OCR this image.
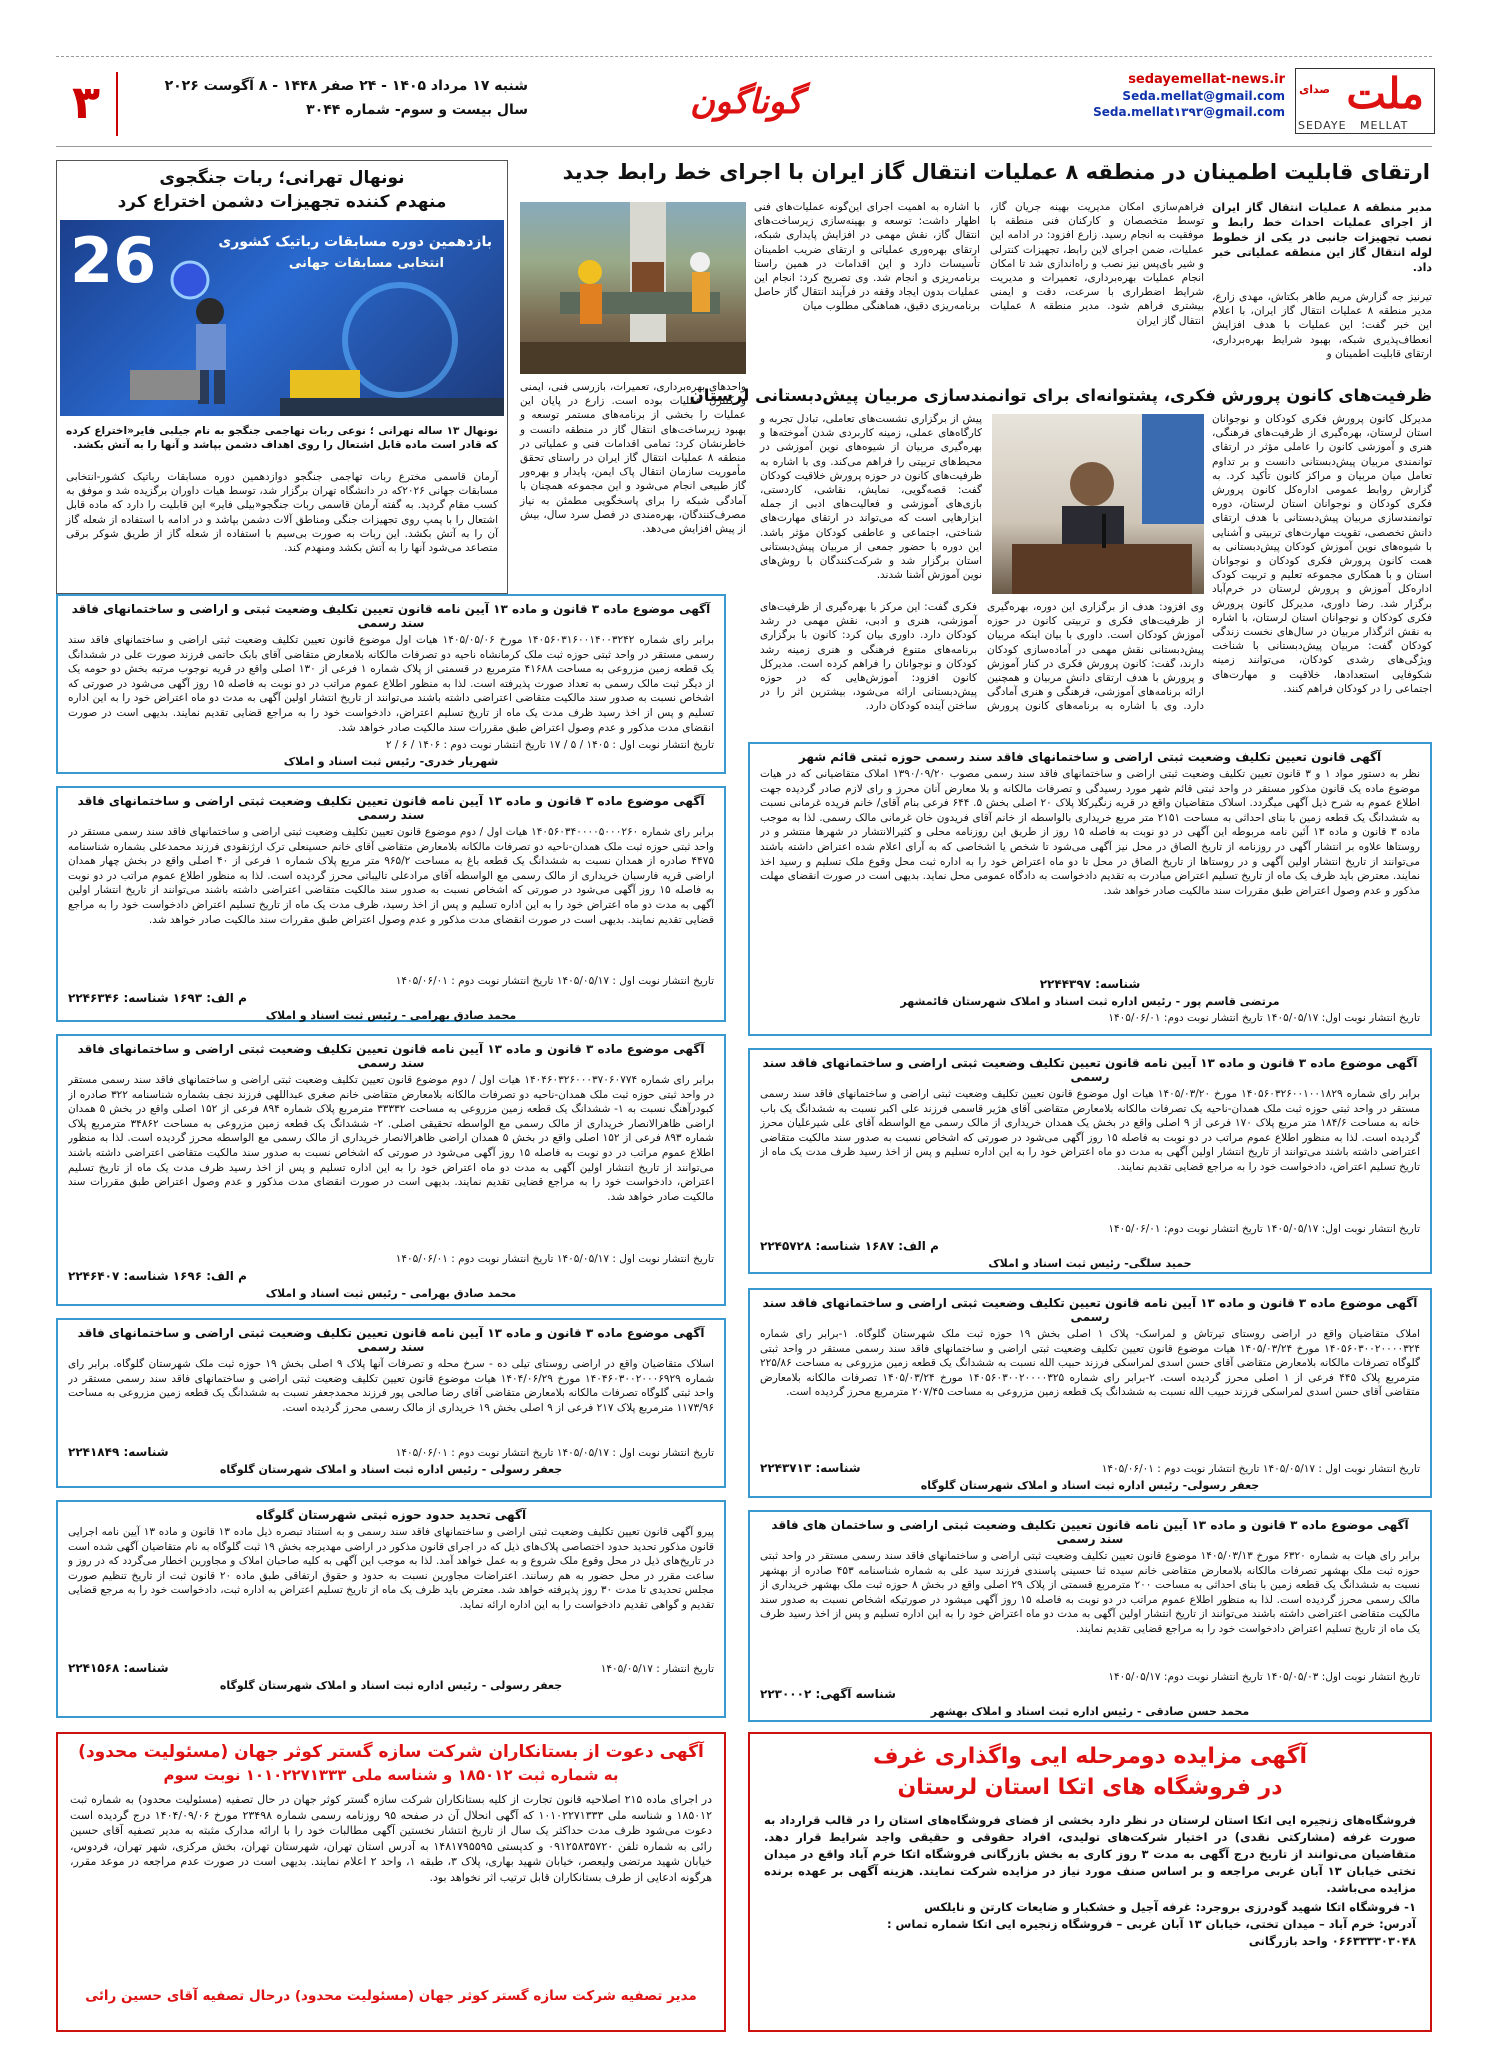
صدای ملت
SEDAYE   MELLAT
sedayemellat-news.ir
Seda.mellat@gmail.com
Seda.mellat۱۳۹۳@gmail.com
گوناگون
شنبه ۱۷ مرداد ۱۴۰۵ - ۲۴ صفر ۱۴۴۸ - ۸ آگوست ۲۰۲۶
سال بیست و سوم- شماره ۳۰۴۴
۳
ارتقای قابلیت اطمینان در منطقه ۸ عملیات انتقال گاز ایران با اجرای خط رابط جدید

مدیر منطقه ۸ عملیات انتقال گاز ایران از اجرای عملیات احداث خط رابط و نصب تجهیزات جانبی در یکی از خطوط لوله انتقال گاز این منطقه عملیاتی خبر داد.

تیرنیز جه گزارش مریم طاهر بکتاش، مهدی زارع، مدیر منطقه ۸ عملیات انتقال گاز ایران، با اعلام این خبر گفت: این عملیات با هدف افزایش انعطاف‌پذیری شبکه، بهبود شرایط بهره‌برداری، ارتقای قابلیت اطمینان و

فراهم‌سازی امکان مدیریت بهینه جریان گاز، توسط متخصصان و کارکنان فنی منطقه با موفقیت به انجام رسید. زارع افزود: در ادامه این عملیات، ضمن اجرای لاین رابط، تجهیزات کنترلی و شیر بای‌پس نیز نصب و راه‌اندازی شد تا امکان انجام عملیات بهره‌برداری، تعمیرات و مدیریت شرایط اضطراری با سرعت، دقت و ایمنی بیشتری فراهم شود. مدیر منطقه ۸ عملیات انتقال گاز ایران

با اشاره به اهمیت اجرای این‌گونه عملیات‌های فنی اظهار داشت: توسعه و بهینه‌سازی زیرساخت‌های انتقال گاز، نقش مهمی در افزایش پایداری شبکه، ارتقای بهره‌وری عملیاتی و ارتقای ضریب اطمینان تأسیسات دارد و این اقدامات در همین راستا برنامه‌ریزی و انجام شد. وی تصریح کرد: انجام این عملیات بدون ایجاد وقفه در فرآیند انتقال گاز حاصل برنامه‌ریزی دقیق، هماهنگی مطلوب میان

واحدهای بهره‌برداری، تعمیرات، بازرسی فنی، ایمنی و کنترل عملیات بوده است. زارع در پایان این عملیات را بخشی از برنامه‌های مستمر توسعه و بهبود زیرساخت‌های انتقال گاز در منطقه دانست و خاطرنشان کرد: تمامی اقدامات فنی و عملیاتی در منطقه ۸ عملیات انتقال گاز ایران در راستای تحقق مأموریت سازمان انتقال پاک ایمن، پایدار و بهره‌ور گاز طبیعی انجام می‌شود و این مجموعه همچنان با آمادگی شبکه را برای پاسخگویی مطمئن به نیاز مصرف‌کنندگان، بهره‌مندی در فصل سرد سال، بیش از پیش افزایش می‌دهد.

نونهال تهرانی؛ ربات جنگجوی
منهدم کننده تجهیزات دشمن اختراع کرد
بازدهمین دوره مسابقات رباتیک کشوری
انتخابی مسابقات جهانی
26

نونهال ۱۳ ساله تهرانی ؛ نوعی ربات تهاجمی جنگجو به نام جیلبی فایر«اختراع کرده که قادر است ماده قابل اشتعال را روی اهداف دشمن بپاشد و آنها را به آتش بکشد.

آرمان قاسمی مخترع ربات تهاجمی جنگجو دوازدهمین دوره مسابقات رباتیک کشور-انتخابی مسابقات جهانی ۲۰۲۶که در دانشگاه تهران برگزار شد، توسط هیات داوران برگزیده شد و موفق به کسب مقام گردید. به گفته آرمان قاسمی ربات جنگجو«بیلی فایر» این قابلیت را دارد که ماده قابل اشتعال را با پمپ روی تجهیزات جنگی ومناطق آلات دشمن بپاشد و در ادامه با استفاده از شعله گاز آن را به آتش بکشد. این ربات به صورت بی‌سیم با استفاده از شعله گاز از طریق شوکر برقی متصاعد می‌شود آنها را به آتش بکشد ومنهدم کند.

ظرفیت‌های کانون پرورش فکری، پشتوانه‌ای برای توانمندسازی مربیان پیش‌دبستانی لرستان

مدیرکل کانون پرورش فکری کودکان و نوجوانان استان لرستان، بهره‌گیری از ظرفیت‌های فرهنگی، هنری و آموزشی کانون را عاملی مؤثر در ارتقای توانمندی مربیان پیش‌دبستانی دانست و بر تداوم تعامل میان مربیان و مراکز کانون تأکید کرد. به گزارش روابط عمومی اداره‌کل کانون پرورش فکری کودکان و نوجوانان استان لرستان، دوره توانمندسازی مربیان پیش‌دبستانی با هدف ارتقای دانش تخصصی، تقویت مهارت‌های تربیتی و آشنایی با شیوه‌های نوین آموزش کودکان پیش‌دبستانی به همت کانون پرورش فکری کودکان و نوجوانان استان و با همکاری مجموعه تعلیم و تربیت کودک اداره‌کل آموزش و پرورش لرستان در خرم‌آباد برگزار شد. رضا داوری، مدیرکل کانون پرورش فکری کودکان و نوجوانان استان لرستان، با اشاره به نقش اثرگذار مربیان در سال‌های نخست زندگی کودکان گفت: مربیان پیش‌دبستانی با شناخت ویژگی‌های رشدی کودکان، می‌توانند زمینه شکوفایی استعدادها، خلاقیت و مهارت‌های اجتماعی را در کودکان فراهم کنند.

پیش از برگزاری نشست‌های تعاملی، تبادل تجربه و کارگاه‌های عملی، زمینه کاربردی شدن آموخته‌ها و بهره‌گیری مربیان از شیوه‌های نوین آموزشی در محیط‌های تربیتی را فراهم می‌کند. وی با اشاره به ظرفیت‌های کانون در حوزه پرورش خلاقیت کودکان گفت: قصه‌گویی، نمایش، نقاشی، کاردستی، بازی‌های آموزشی و فعالیت‌های ادبی از جمله ابزارهایی است که می‌تواند در ارتقای مهارت‌های شناختی، اجتماعی و عاطفی کودکان مؤثر باشد. این دوره با حضور جمعی از مربیان پیش‌دبستانی استان برگزار شد و شرکت‌کنندگان با روش‌های نوین آموزش آشنا شدند.

وی افزود: هدف از برگزاری این دوره، بهره‌گیری از ظرفیت‌های فکری و تربیتی کانون در حوزه آموزش کودکان است. داوری با بیان اینکه مربیان پیش‌دبستانی نقش مهمی در آماده‌سازی کودکان دارند، گفت: کانون پرورش فکری در کنار آموزش و پرورش با هدف ارتقای دانش مربیان و همچنین ارائه برنامه‌های آموزشی، فرهنگی و هنری آمادگی دارد. وی با اشاره به برنامه‌های کانون پرورش فکری گفت: این مرکز با بهره‌گیری از ظرفیت‌های آموزشی، هنری و ادبی، نقش مهمی در رشد کودکان دارد. داوری بیان کرد: کانون با برگزاری برنامه‌های متنوع فرهنگی و هنری زمینه رشد کودکان و نوجوانان را فراهم کرده است. مدیرکل کانون افزود: آموزش‌هایی که در حوزه پیش‌دبستانی ارائه می‌شود، بیشترین اثر را در ساختن آینده کودکان دارد.

آگهی موضوع ماده ۳ قانون و ماده ۱۳ آیین نامه قانون تعیین تکلیف وضعیت ثبتی و اراضی و ساختمانهای فاقد سند رسمی
برابر رای شماره ۱۴۰۵۶۰۳۱۶۰۰۱۴۰۰۳۲۴۲ مورخ ۱۴۰۵/۰۵/۰۶ هیات اول موضوع قانون تعیین تکلیف وضعیت ثبتی اراضی و ساختمانهای فاقد سند رسمی مستقر در واحد ثبتی حوزه ثبت ملک کرمانشاه ناحیه دو تصرفات مالکانه بلامعارض متقاضی آقای بابک حاتمی فرزند صورت علی در ششدانگ یک قطعه زمین مزروعی به مساحت ۴۱۶۸۸ مترمربع در قسمتی از پلاک شماره ۱ فرعی از ۱۳۰ اصلی واقع در قریه نوجوب مرتبه بخش دو حومه یک از دیگر ثبت مالک رسمی به تعداد صورت پذیرفته است. لذا به منظور اطلاع عموم مراتب در دو نوبت به فاصله ۱۵ روز آگهی می‌شود در صورتی که اشخاص نسبت به صدور سند مالکیت متقاضی اعتراضی داشته باشند می‌توانند از تاریخ انتشار اولین آگهی به مدت دو ماه اعتراض خود را به این اداره تسلیم و پس از اخذ رسید ظرف مدت یک ماه از تاریخ تسلیم اعتراض، دادخواست خود را به مراجع قضایی تقدیم نمایند. بدیهی است در صورت انقضای مدت مذکور و عدم وصول اعتراض طبق مقررات سند مالکیت صادر خواهد شد.
تاریخ انتشار نوبت اول : ۱۴۰۵ / ۵ / ۱۷ تاریخ انتشار نوبت دوم : ۱۴۰۶ / ۶ / ۲
شهریار خدری- رئیس ثبت اسناد و املاک
آگهی موضوع ماده ۳ قانون و ماده ۱۳ آیین نامه قانون تعیین تکلیف وضعیت ثبتی اراضی و ساختمانهای فاقد سند رسمی
برابر رای شماره ۱۴۰۵۶۰۳۴۰۰۰۰۵۰۰۰۲۶۰ هیات اول / دوم موضوع قانون تعیین تکلیف وضعیت ثبتی اراضی و ساختمانهای فاقد سند رسمی مستقر در واحد ثبتی حوزه ثبت ملک همدان-ناحیه دو تصرفات مالکانه بلامعارض متقاضی آقای خانم حسینعلی ترک ارژنقودی فرزند محمدعلی بشماره شناسنامه ۴۴۷۵ صادره از همدان نسبت به ششدانگ یک قطعه باغ به مساحت ۹۶۵/۲ متر مربع پلاک شماره ۱ فرعی از ۴۰ اصلی واقع در بخش چهار همدان اراضی قریه فارسبان خریداری از مالک رسمی مع الواسطه آقای مرادعلی تالیباتی محرز گردیده است. لذا به منظور اطلاع عموم مراتب در دو نوبت به فاصله ۱۵ روز آگهی می‌شود در صورتی که اشخاص نسبت به صدور سند مالکیت متقاضی اعتراضی داشته باشند می‌توانند از تاریخ انتشار اولین آگهی به مدت دو ماه اعتراض خود را به این اداره تسلیم و پس از اخذ رسید، ظرف مدت یک ماه از تاریخ تسلیم اعتراض دادخواست خود را به مراجع قضایی تقدیم نمایند. بدیهی است در صورت انقضای مدت مذکور و عدم وصول اعتراض طبق مقررات سند مالکیت صادر خواهد شد.
تاریخ انتشار نوبت اول : ۱۴۰۵/۰۵/۱۷ تاریخ انتشار نوبت دوم : ۱۴۰۵/۰۶/۰۱
م الف: ۱۶۹۳ شناسه: ۲۲۴۶۳۴۶
محمد صادق بهرامی - رئیس ثبت اسناد و املاک
آگهی موضوع ماده ۳ قانون و ماده ۱۳ آیین نامه قانون تعیین تکلیف وضعیت ثبتی اراضی و ساختمانهای فاقد سند رسمی
برابر رای شماره ۱۴۰۴۶۰۳۲۶۰۰۰۳۷۰۶۰۷۷۴ هیات اول / دوم موضوع قانون تعیین تکلیف وضعیت ثبتی اراضی و ساختمانهای فاقد سند رسمی مستقر در واحد ثبتی حوزه ثبت ملک همدان-ناحیه دو تصرفات مالکانه بلامعارض متقاضی خانم صغری عبداللهی فرزند نجف بشماره شناسنامه ۳۲۲ صادره از کبودرآهنگ نسبت به ۱- ششدانگ یک قطعه زمین مزروعی به مساحت ۳۳۳۳۲ مترمربع پلاک شماره ۸۹۴ فرعی از ۱۵۲ اصلی واقع در بخش ۵ همدان اراضی ظاهرالانصار خریداری از مالک رسمی مع الواسطه تحقیقی اصلی. ۲- ششدانگ یک قطعه زمین مزروعی به مساحت ۳۴۸۶۲ مترمربع پلاک شماره ۸۹۳ فرعی از ۱۵۲ اصلی واقع در بخش ۵ همدان اراضی ظاهرالانصار خریداری از مالک رسمی مع الواسطه محرز گردیده است. لذا به منظور اطلاع عموم مراتب در دو نوبت به فاصله ۱۵ روز آگهی می‌شود در صورتی که اشخاص نسبت به صدور سند مالکیت متقاضی اعتراضی داشته باشند می‌توانند از تاریخ انتشار اولین آگهی به مدت دو ماه اعتراض خود را به این اداره تسلیم و پس از اخذ رسید ظرف مدت یک ماه از تاریخ تسلیم اعتراض، دادخواست خود را به مراجع قضایی تقدیم نمایند. بدیهی است در صورت انقضای مدت مذکور و عدم وصول اعتراض طبق مقررات سند مالکیت صادر خواهد شد.
تاریخ انتشار نوبت اول : ۱۴۰۵/۰۵/۱۷ تاریخ انتشار نوبت دوم : ۱۴۰۵/۰۶/۰۱
م الف: ۱۶۹۶ شناسه: ۲۲۴۶۴۰۷
محمد صادق بهرامی - رئیس ثبت اسناد و املاک
آگهی موضوع ماده ۳ قانون و ماده ۱۳ آیین نامه قانون تعیین تکلیف وضعیت ثبتی اراضی و ساختمانهای فاقد سند رسمی
اسلاک متقاضیان واقع در اراضی روستای تیلی ده - سرخ محله و تصرفات آنها پلاک ۹ اصلی بخش ۱۹ حوزه ثبت ملک شهرستان گلوگاه. برابر رای شماره ۱۴۰۴۶۰۳۰۰۲۰۰۰۶۹۲۹ مورخ ۱۴۰۴/۰۶/۲۹ هیات موضوع قانون تعیین تکلیف وضعیت ثبتی اراضی و ساختمانهای فاقد سند رسمی مستقر در واحد ثبتی گلوگاه تصرفات مالکانه بلامعارض متقاضی آقای رضا صالحی پور فرزند محمدجعفر نسبت به ششدانگ یک قطعه زمین مزروعی به مساحت ۱۱۷۳/۹۶ مترمربع پلاک ۲۱۷ فرعی از ۹ اصلی بخش ۱۹ خریداری از مالک رسمی محرز گردیده است.
تاریخ انتشار نوبت اول : ۱۴۰۵/۰۵/۱۷ تاریخ انتشار نوبت دوم : ۱۴۰۵/۰۶/۰۱
شناسه: ۲۲۴۱۸۴۹
جعفر رسولی - رئیس اداره ثبت اسناد و املاک شهرستان گلوگاه
آگهی تحدید حدود حوزه ثبتی شهرستان گلوگاه
پیرو آگهی قانون تعیین تکلیف وضعیت ثبتی اراضی و ساختمانهای فاقد سند رسمی و به استناد تبصره ذیل ماده ۱۳ قانون و ماده ۱۳ آیین نامه اجرایی قانون مذکور تحدید حدود اختصاصی پلاک‌های ذیل که در اجرای قانون مذکور در اراضی مهدیرجه بخش ۱۹ ثبت گلوگاه به نام متقاضیان آگهی شده است در تاریخ‌های ذیل در محل وقوع ملک شروع و به عمل خواهد آمد. لذا به موجب این آگهی به کلیه صاحبان املاک و مجاورین اخطار می‌گردد که در روز و ساعت مقرر در محل حضور به هم رسانند. اعتراضات مجاورین نسبت به حدود و حقوق ارتفاقی طبق ماده ۲۰ قانون ثبت از تاریخ تنظیم صورت مجلس تحدیدی تا مدت ۳۰ روز پذیرفته خواهد شد. معترض باید ظرف یک ماه از تاریخ تسلیم اعتراض به اداره ثبت، دادخواست خود را به مرجع قضایی تقدیم و گواهی تقدیم دادخواست را به این اداره ارائه نماید.
تاریخ انتشار : ۱۴۰۵/۰۵/۱۷
شناسه: ۲۲۴۱۵۶۸
جعفر رسولی - رئیس اداره ثبت اسناد و املاک شهرستان گلوگاه
آگهی قانون تعیین تکلیف وضعیت ثبتی اراضی و ساختمانهای فاقد سند رسمی حوزه ثبتی قائم شهر
نظر به دستور مواد ۱ و ۳ قانون تعیین تکلیف وضعیت ثبتی اراضی و ساختمانهای فاقد سند رسمی مصوب ۱۳۹۰/۰۹/۲۰ املاک متقاضیانی که در هیات موضوع ماده یک قانون مذکور مستقر در واحد ثبتی قائم شهر مورد رسیدگی و تصرفات مالکانه و بلا معارض آنان محرز و رای لازم صادر گردیده جهت اطلاع عموم به شرح ذیل آگهی میگردد. اسلاک متقاضیان واقع در قریه زنگیرکلا پلاک ۲۰ اصلی بخش ۵. ۶۴۴ فرعی بنام آقای/ خانم فریده غرمانی نسبت به ششدانگ یک قطعه زمین با بنای احداثی به مساحت ۲۱۵۱ متر مربع خریداری بالواسطه از خانم آقای فریدون خان غرمانی مالک رسمی. لذا به موجب ماده ۳ قانون و ماده ۱۳ آئین نامه مربوطه این آگهی در دو نوبت به فاصله ۱۵ روز از طریق این روزنامه محلی و کثیرالانتشار در شهرها منتشر و در روستاها علاوه بر انتشار آگهی در روزنامه از تاریخ الصاق در محل نیز آگهی می‌شود تا شخص یا اشخاصی که به آرای اعلام شده اعتراض داشته باشند می‌توانند از تاریخ انتشار اولین آگهی و در روستاها از تاریخ الصاق در محل تا دو ماه اعتراض خود را به اداره ثبت محل وقوع ملک تسلیم و رسید اخذ نمایند. معترض باید ظرف یک ماه از تاریخ تسلیم اعتراض مبادرت به تقدیم دادخواست به دادگاه عمومی محل نماید. بدیهی است در صورت انقضای مهلت مذکور و عدم وصول اعتراض طبق مقررات سند مالکیت صادر خواهد شد.
شناسه: ۲۲۴۴۳۹۷
مرتضی قاسم پور - رئیس اداره ثبت اسناد و املاک شهرستان قائمشهر
تاریخ انتشار نوبت اول: ۱۴۰۵/۰۵/۱۷ تاریخ انتشار نوبت دوم: ۱۴۰۵/۰۶/۰۱
آگهی موضوع ماده ۳ قانون و ماده ۱۳ آیین نامه قانون تعیین تکلیف وضعیت ثبتی اراضی و ساختمانهای فاقد سند رسمی
برابر رای شماره ۱۴۰۵۶۰۳۲۶۰۰۱۰۰۱۸۲۹ مورخ ۱۴۰۵/۰۳/۲۰ هیات اول موضوع قانون تعیین تکلیف وضعیت ثبتی اراضی و ساختمانهای فاقد سند رسمی مستقر در واحد ثبتی حوزه ثبت ملک همدان-ناحیه یک تصرفات مالکانه بلامعارض متقاضی آقای هژیر قاسمی فرزند علی اکبر نسبت به ششدانگ یک باب خانه به مساحت ۱۸۴/۶ متر مربع پلاک ۱۷۰ فرعی از ۹ اصلی واقع در بخش یک همدان خریداری از مالک رسمی مع الواسطه آقای علی شیرعلیان محرز گردیده است. لذا به منظور اطلاع عموم مراتب در دو نوبت به فاصله ۱۵ روز آگهی می‌شود در صورتی که اشخاص نسبت به صدور سند مالکیت متقاضی اعتراضی داشته باشند می‌توانند از تاریخ انتشار اولین آگهی به مدت دو ماه اعتراض خود را به این اداره تسلیم و پس از اخذ رسید ظرف مدت یک ماه از تاریخ تسلیم اعتراض، دادخواست خود را به مراجع قضایی تقدیم نمایند.
تاریخ انتشار نوبت اول: ۱۴۰۵/۰۵/۱۷ تاریخ انتشار نوبت دوم: ۱۴۰۵/۰۶/۰۱
م الف: ۱۶۸۷ شناسه: ۲۲۴۵۷۲۸
حمید سلگی- رئیس ثبت اسناد و املاک
آگهی موضوع ماده ۳ قانون و ماده ۱۳ آیین نامه قانون تعیین تکلیف وضعیت ثبتی اراضی و ساختمانهای فاقد سند رسمی
املاک متقاضیان واقع در اراضی روستای تیرتاش و لمراسک- پلاک ۱ اصلی بخش ۱۹ حوزه ثبت ملک شهرستان گلوگاه. ۱-برابر رای شماره ۱۴۰۵۶۰۳۰۰۲۰۰۰۰۳۲۴ مورخ ۱۴۰۵/۰۳/۲۴ هیات موضوع قانون تعیین تکلیف وضعیت ثبتی اراضی و ساختمانهای فاقد سند رسمی مستقر در واحد ثبتی گلوگاه تصرفات مالکانه بلامعارض متقاضی آقای حسن اسدی لمراسکی فرزند حبیب الله نسبت به ششدانگ یک قطعه زمین مزروعی به مساحت ۲۲۵/۸۶ مترمربع پلاک ۴۴۵ فرعی از ۱ اصلی محرز گردیده است. ۲-برابر رای شماره ۱۴۰۵۶۰۳۰۰۲۰۰۰۰۳۲۵ مورخ ۱۴۰۵/۰۳/۲۴ تصرفات مالکانه بلامعارض متقاضی آقای حسن اسدی لمراسکی فرزند حبیب الله نسبت به ششدانگ یک قطعه زمین مزروعی به مساحت ۲۰۷/۴۵ مترمربع محرز گردیده است.
تاریخ انتشار نوبت اول : ۱۴۰۵/۰۵/۱۷ تاریخ انتشار نوبت دوم : ۱۴۰۵/۰۶/۰۱
شناسه: ۲۲۴۳۷۱۳
جعفر رسولی- رئیس اداره ثبت اسناد و املاک شهرستان گلوگاه
آگهی موضوع ماده ۳ قانون و ماده ۱۳ آیین نامه قانون تعیین تکلیف وضعیت ثبتی اراضی و ساختمان های فاقد سند رسمی
برابر رای هیات به شماره ۶۳۲۰ مورخ ۱۴۰۵/۰۳/۱۳ موضوع قانون تعیین تکلیف وضعیت ثبتی اراضی و ساختمانهای فاقد سند رسمی مستقر در واحد ثبتی حوزه ثبت ملک بهشهر تصرفات مالکانه بلامعارض متقاضی خانم سیده ثنا حسینی پاسندی فرزند سید علی به شماره شناسنامه ۴۵۳ صادره از بهشهر نسبت به ششدانگ یک قطعه زمین با بنای احداثی به مساحت ۲۰۰ مترمربع قسمتی از پلاک ۲۹ اصلی واقع در بخش ۸ حوزه ثبت ملک بهشهر خریداری از مالک رسمی محرز گردیده است. لذا به منظور اطلاع عموم مراتب در دو نوبت به فاصله ۱۵ روز آگهی میشود در صورتیکه اشخاص نسبت به صدور سند مالکیت متقاضی اعتراضی داشته باشند می‌توانند از تاریخ انتشار اولین آگهی به مدت دو ماه اعتراض خود را به این اداره تسلیم و پس از اخذ رسید ظرف یک ماه از تاریخ تسلیم اعتراض دادخواست خود را به مراجع قضایی تقدیم نمایند.
تاریخ انتشار نوبت اول: ۱۴۰۵/۰۵/۰۳ تاریخ انتشار نوبت دوم: ۱۴۰۵/۰۵/۱۷
شناسه آگهی: ۲۲۳۰۰۰۲
محمد حسن صادقی - رئیس اداره ثبت اسناد و املاک بهشهر
آگهی دعوت از بستانکاران شرکت سازه گستر کوثر جهان (مسئولیت محدود)
به شماره ثبت ۱۸۵۰۱۲ و شناسه ملی ۱۰۱۰۲۲۷۱۳۳۳ نوبت سوم
در اجرای ماده ۲۱۵ اصلاحیه قانون تجارت از کلیه بستانکاران شرکت سازه گستر کوثر جهان در حال تصفیه (مسئولیت محدود) به شماره ثبت ۱۸۵۰۱۲ و شناسه ملی ۱۰۱۰۲۲۷۱۳۳۳ که آگهی انحلال آن در صفحه ۹۵ روزنامه رسمی شماره ۲۳۴۹۸ مورخ ۱۴۰۴/۰۹/۰۶ درج گردیده است دعوت می‌شود ظرف مدت حداکثر یک سال از تاریخ انتشار نخستین آگهی مطالبات خود را با ارائه مدارک مثبته به مدیر تصفیه آقای حسین رائی به شماره تلفن ۰۹۱۲۵۸۳۵۷۲۰ و کدپستی ۱۴۸۱۷۹۵۵۹۵ به آدرس استان تهران، شهرستان تهران، بخش مرکزی، شهر تهران، فردوس، خیابان شهید مرتضی ولیعصر، خیابان شهید بهاری، پلاک ۳، طبقه ۱، واحد ۲ اعلام نمایند. بدیهی است در صورت عدم مراجعه در موعد مقرر، هرگونه ادعایی از طرف بستانکاران قابل ترتیب اثر نخواهد بود.
مدیر تصفیه شرکت سازه گستر کوثر جهان (مسئولیت محدود) درحال تصفیه آقای حسین رائی
آگهی مزایده دومرحله ایی واگذاری غرف
در فروشگاه های اتکا استان لرستان
فروشگاه‌های زنجیره ایی اتکا استان لرستان در نظر دارد بخشی از فضای فروشگاه‌های استان را در قالب قرارداد به صورت غرفه (مشارکتی نقدی) در اختیار شرکت‌های تولیدی، افراد حقوقی و حقیقی واجد شرایط قرار دهد. متقاضیان می‌توانند از تاریخ درج آگهی به مدت ۳ روز کاری به بخش بازرگانی فروشگاه اتکا خرم آباد واقع در میدان تختی خیابان ۱۳ آبان غربی مراجعه و بر اساس صنف مورد نیاز در مزایده شرکت نمایند. هزینه آگهی بر عهده برنده مزایده می‌باشد.
۱- فروشگاه اتکا شهید گودرزی بروجرد: غرفه آجیل و خشکبار و ضایعات کارتن و نایلکس
آدرس: خرم آباد – میدان تختی، خیابان ۱۳ آبان غربی – فروشگاه زنجیره ایی اتکا شماره تماس :
۰۶۶۳۳۳۳۰۳۰۴۸ واحد بازرگانی
